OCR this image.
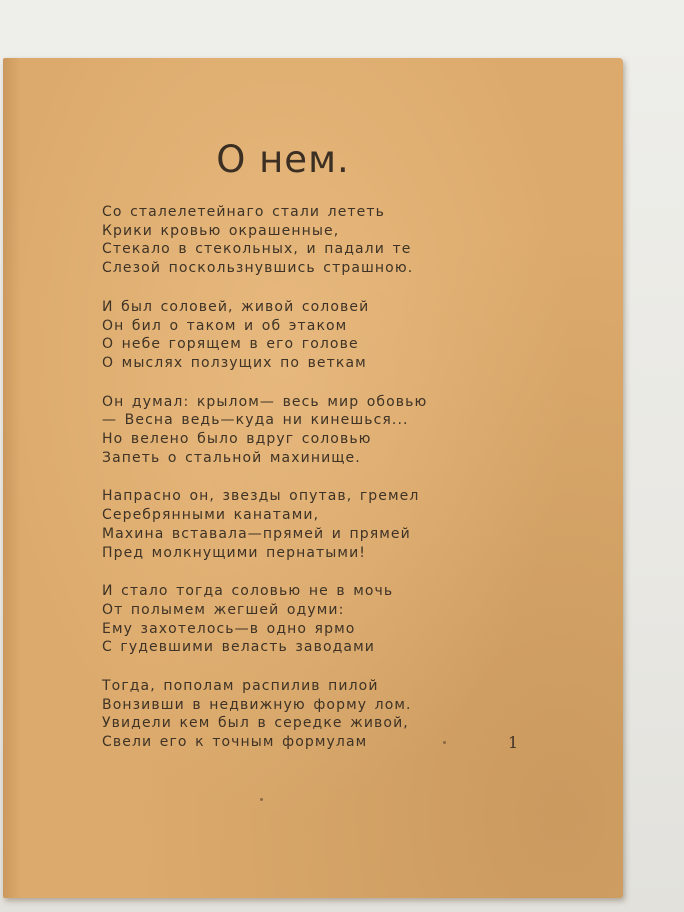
О нем.
Со сталелетейнаго стали лететь
Крики кровью окрашенные,
Стекало в стекольных, и падали те
Слезой поскользнувшись страшною.
И был соловей, живой соловей
Он бил о таком и об этаком
О небе горящем в его голове
О мыслях ползущих по веткам
Он думал: крылом— весь мир обовью
— Весна ведь—куда ни кинешься...
Но велено было вдруг соловью
Запеть о стальной махинище.
Напрасно он, звезды опутав, гремел
Серебрянными канатами,
Махина вставала—прямей и прямей
Пред молкнущими пернатыми!
И стало тогда соловью не в мочь
От полымем жегшей одуми:
Ему захотелось—в одно ярмо
С гудевшими веласть заводами
Тогда, пополам распилив пилой
Вонзивши в недвижную форму лом.
Увидели кем был в середке живой,
Свели его к точным формулам	1
